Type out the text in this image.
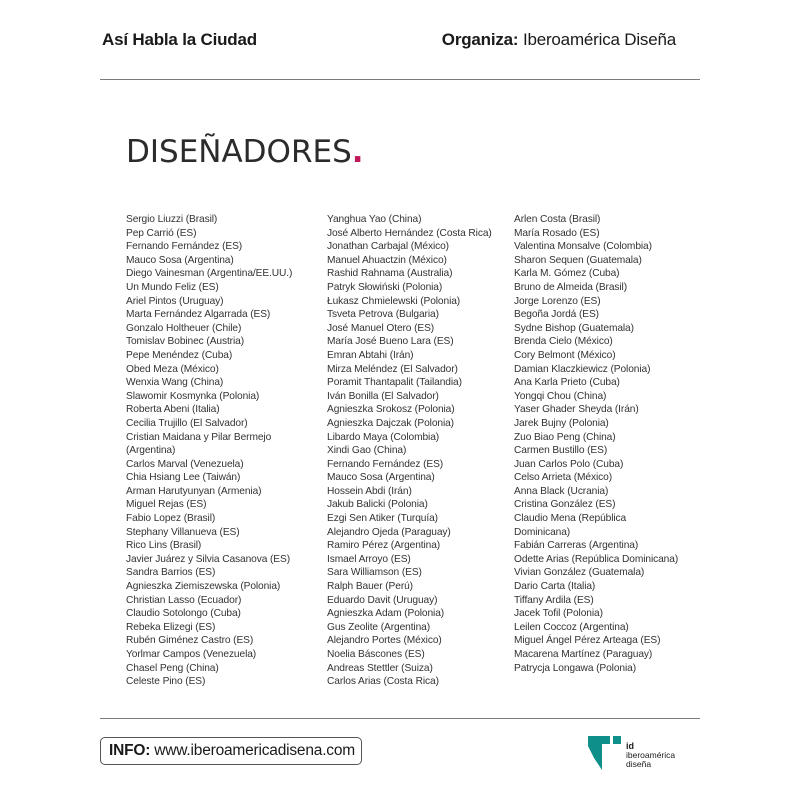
Así Habla la Ciudad	Organiza: Iberoamérica Diseña
DISEÑADORES.
Sergio Liuzzi (Brasil)
Pep Carrió (ES)
Fernando Fernández (ES)
Mauco Sosa (Argentina)
Diego Vainesman (Argentina/EE.UU.)
Un Mundo Feliz (ES)
Ariel Pintos (Uruguay)
Marta Fernández Algarrada (ES)
Gonzalo Holtheuer (Chile)
Tomislav Bobinec (Austria)
Pepe Menéndez (Cuba)
Obed Meza (México)
Wenxia Wang (China)
Slawomir Kosmynka (Polonia)
Roberta Abeni (Italia)
Cecilia Trujillo (El Salvador)
Cristian Maidana y Pilar Bermejo
(Argentina)
Carlos Marval (Venezuela)
Chia Hsiang Lee (Taiwán)
Arman Harutyunyan (Armenia)
Miguel Rejas (ES)
Fabio Lopez (Brasil)
Stephany Villanueva (ES)
Rico Lins (Brasil)
Javier Juárez y Silvia Casanova (ES)
Sandra Barrios (ES)
Agnieszka Ziemiszewska (Polonia)
Christian Lasso (Ecuador)
Claudio Sotolongo (Cuba)
Rebeka Elizegi (ES)
Rubén Giménez Castro (ES)
Yorlmar Campos (Venezuela)
Chasel Peng (China)
Celeste Pino (ES)
Yanghua Yao (China)
José Alberto Hernández (Costa Rica)
Jonathan Carbajal (México)
Manuel Ahuactzin (México)
Rashid Rahnama (Australia)
Patryk Słowiński (Polonia)
Łukasz Chmielewski (Polonia)
Tsveta Petrova (Bulgaria)
José Manuel Otero (ES)
María José Bueno Lara (ES)
Emran Abtahi (Irán)
Mirza Meléndez (El Salvador)
Poramit Thantapalit (Tailandia)
Iván Bonilla (El Salvador)
Agnieszka Srokosz (Polonia)
Agnieszka Dajczak (Polonia)
Libardo Maya (Colombia)
Xindi Gao (China)
Fernando Fernández (ES)
Mauco Sosa (Argentina)
Hossein Abdi (Irán)
Jakub Balicki (Polonia)
Ezgi Sen Atiker (Turquía)
Alejandro Ojeda (Paraguay)
Ramiro Pérez (Argentina)
Ismael Arroyo (ES)
Sara Williamson (ES)
Ralph Bauer (Perú)
Eduardo Davit (Uruguay)
Agnieszka Adam (Polonia)
Gus Zeolite (Argentina)
Alejandro Portes (México)
Noelia Báscones (ES)
Andreas Stettler (Suiza)
Carlos Arias (Costa Rica)
Arlen Costa (Brasil)
María Rosado (ES)
Valentina Monsalve (Colombia)
Sharon Sequen (Guatemala)
Karla M. Gómez (Cuba)
Bruno de Almeida (Brasil)
Jorge Lorenzo (ES)
Begoña Jordá (ES)
Sydne Bishop (Guatemala)
Brenda Cielo (México)
Cory Belmont (México)
Damian Klaczkiewicz (Polonia)
Ana Karla Prieto (Cuba)
Yongqi Chou (China)
Yaser Ghader Sheyda (Irán)
Jarek Bujny (Polonia)
Zuo Biao Peng (China)
Carmen Bustillo (ES)
Juan Carlos Polo (Cuba)
Celso Arrieta (México)
Anna Black (Ucrania)
Cristina González (ES)
Claudio Mena (República
Dominicana)
Fabián Carreras (Argentina)
Odette Arias (República Dominicana)
Vivian González (Guatemala)
Dario Carta (Italia)
Tiffany Ardila (ES)
Jacek Tofil (Polonia)
Leilen Coccoz (Argentina)
Miguel Ángel Pérez Arteaga (ES)
Macarena Martínez (Paraguay)
Patrycja Longawa (Polonia)
INFO: www.iberoamericadisena.com	id
iberoamérica
diseña
